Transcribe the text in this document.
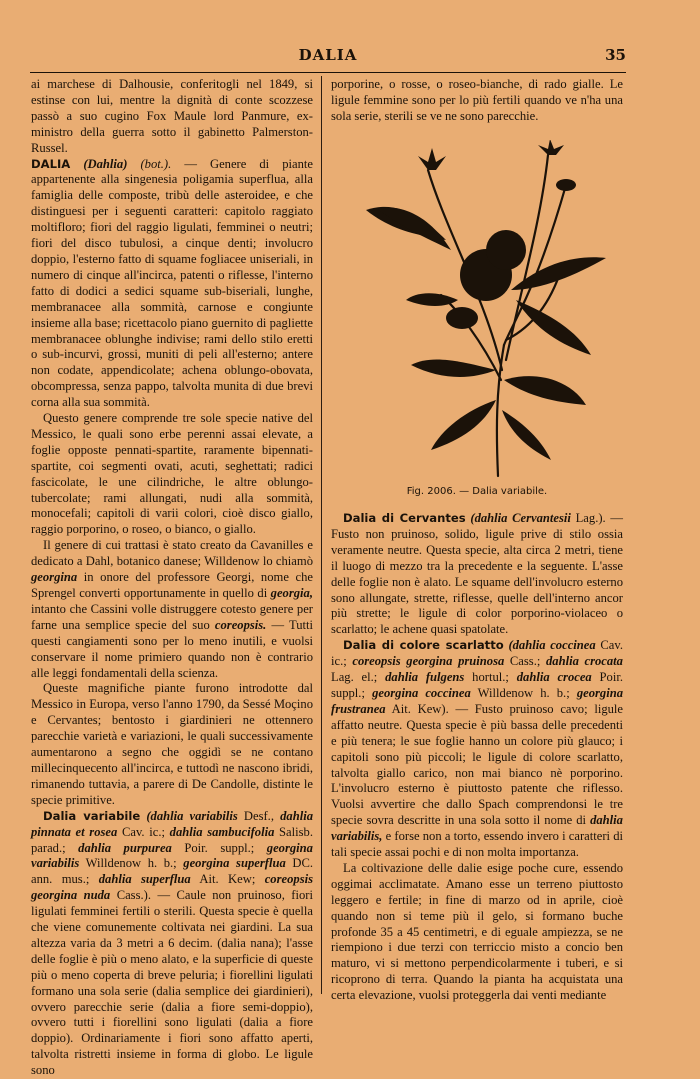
DALIA	35

ai marchese di Dalhousie, conferitogli nel 1849, si estinse con lui, mentre la dignità di conte scozzese passò a suo cugino Fox Maule lord Panmure, ex-ministro della guerra sotto il gabinetto Palmerston-Russel.

DALIA (Dahlia) (bot.). — Genere di piante appartenente alla singenesia poligamia superflua, alla famiglia delle composte, tribù delle asteroidee, e che distinguesi per i seguenti caratteri: capitolo raggiato moltifloro; fiori del raggio ligulati, femminei o neutri; fiori del disco tubulosi, a cinque denti; involucro doppio, l'esterno fatto di squame fogliacee uniseriali, in numero di cinque all'incirca, patenti o riflesse, l'interno fatto di dodici a sedici squame sub-biseriali, lunghe, membranacee alla sommità, carnose e congiunte insieme alla base; ricettacolo piano guernito di pagliette membranacee oblunghe indivise; rami dello stilo eretti o sub-incurvi, grossi, muniti di peli all'esterno; antere non codate, appendicolate; achena oblungo-obovata, obcompressa, senza pappo, talvolta munita di due brevi corna alla sua sommità.

Questo genere comprende tre sole specie native del Messico, le quali sono erbe perenni assai elevate, a foglie opposte pennati-spartite, raramente bipennati-spartite, coi segmenti ovati, acuti, seghettati; radici fascicolate, le une cilindriche, le altre oblungo-tubercolate; rami allungati, nudi alla sommità, monocefali; capitoli di varii colori, cioè disco giallo, raggio porporino, o roseo, o bianco, o giallo.

Il genere di cui trattasi è stato creato da Cavanilles e dedicato a Dahl, botanico danese; Willdenow lo chiamò georgina in onore del professore Georgi, nome che Sprengel converti opportunamente in quello di georgia, intanto che Cassini volle distruggere cotesto genere per farne una semplice specie del suo coreopsis. — Tutti questi cangiamenti sono per lo meno inutili, e vuolsi conservare il nome primiero quando non è contrario alle leggi fondamentali della scienza.

Queste magnifiche piante furono introdotte dal Messico in Europa, verso l'anno 1790, da Sessé Moçino e Cervantes; bentosto i giardinieri ne ottennero parecchie varietà e variazioni, le quali successivamente aumentarono a segno che oggidì se ne contano millecinquecento all'incirca, e tuttodì ne nascono ibridi, rimanendo tuttavia, a parere di De Candolle, distinte le specie primitive.

Dalia variabile (dahlia variabilis Desf., dahlia pinnata et rosea Cav. ic.; dahlia sambucifolia Salisb. parad.; dahlia purpurea Poir. suppl.; georgina variabilis Willdenow h. b.; georgina superflua DC. ann. mus.; dahlia superflua Ait. Kew; coreopsis georgina nuda Cass.). — Caule non pruinoso, fiori ligulati femminei fertili o sterili. Questa specie è quella che viene comunemente coltivata nei giardini. La sua altezza varia da 3 metri a 6 decim. (dalia nana); l'asse delle foglie è più o meno alato, e la superficie di queste più o meno coperta di breve peluria; i fiorellini ligulati formano una sola serie (dalia semplice dei giardinieri), ovvero parecchie serie (dalia a fiore semi-doppio), ovvero tutti i fiorellini sono ligulati (dalia a fiore doppio). Ordinariamente i fiori sono affatto aperti, talvolta ristretti insieme in forma di globo. Le ligule sono

porporine, o rosse, o roseo-bianche, di rado gialle. Le ligule femmine sono per lo più fertili quando ve n'ha una sola serie, sterili se ve ne sono parecchie.

Fig. 2006. — Dalia variabile.

Dalia di Cervantes (dahlia Cervantesii Lag.). — Fusto non pruinoso, solido, ligule prive di stilo ossia veramente neutre. Questa specie, alta circa 2 metri, tiene il luogo di mezzo tra la precedente e la seguente. L'asse delle foglie non è alato. Le squame dell'involucro esterno sono allungate, strette, riflesse, quelle dell'interno ancor più strette; le ligule di color porporino-violaceo o scarlatto; le achene quasi spatolate.

Dalia di colore scarlatto (dahlia coccinea Cav. ic.; coreopsis georgina pruinosa Cass.; dahlia crocata Lag. el.; dahlia fulgens hortul.; dahlia crocea Poir. suppl.; georgina coccinea Willdenow h. b.; georgina frustranea Ait. Kew). — Fusto pruinoso cavo; ligule affatto neutre. Questa specie è più bassa delle precedenti e più tenera; le sue foglie hanno un colore più glauco; i capitoli sono più piccoli; le ligule di colore scarlatto, talvolta giallo carico, non mai bianco nè porporino. L'involucro esterno è piuttosto patente che riflesso. Vuolsi avvertire che dallo Spach comprendonsi le tre specie sovra descritte in una sola sotto il nome di dahlia variabilis, e forse non a torto, essendo invero i caratteri di tali specie assai pochi e di non molta importanza.

La coltivazione delle dalie esige poche cure, essendo oggimai acclimatate. Amano esse un terreno piuttosto leggero e fertile; in fine di marzo od in aprile, cioè quando non si teme più il gelo, si formano buche profonde 35 a 45 centimetri, e di eguale ampiezza, se ne riempiono i due terzi con terriccio misto a concio ben maturo, vi si mettono perpendicolarmente i tuberi, e si ricoprono di terra. Quando la pianta ha acquistata una certa elevazione, vuolsi proteggerla dai venti mediante
